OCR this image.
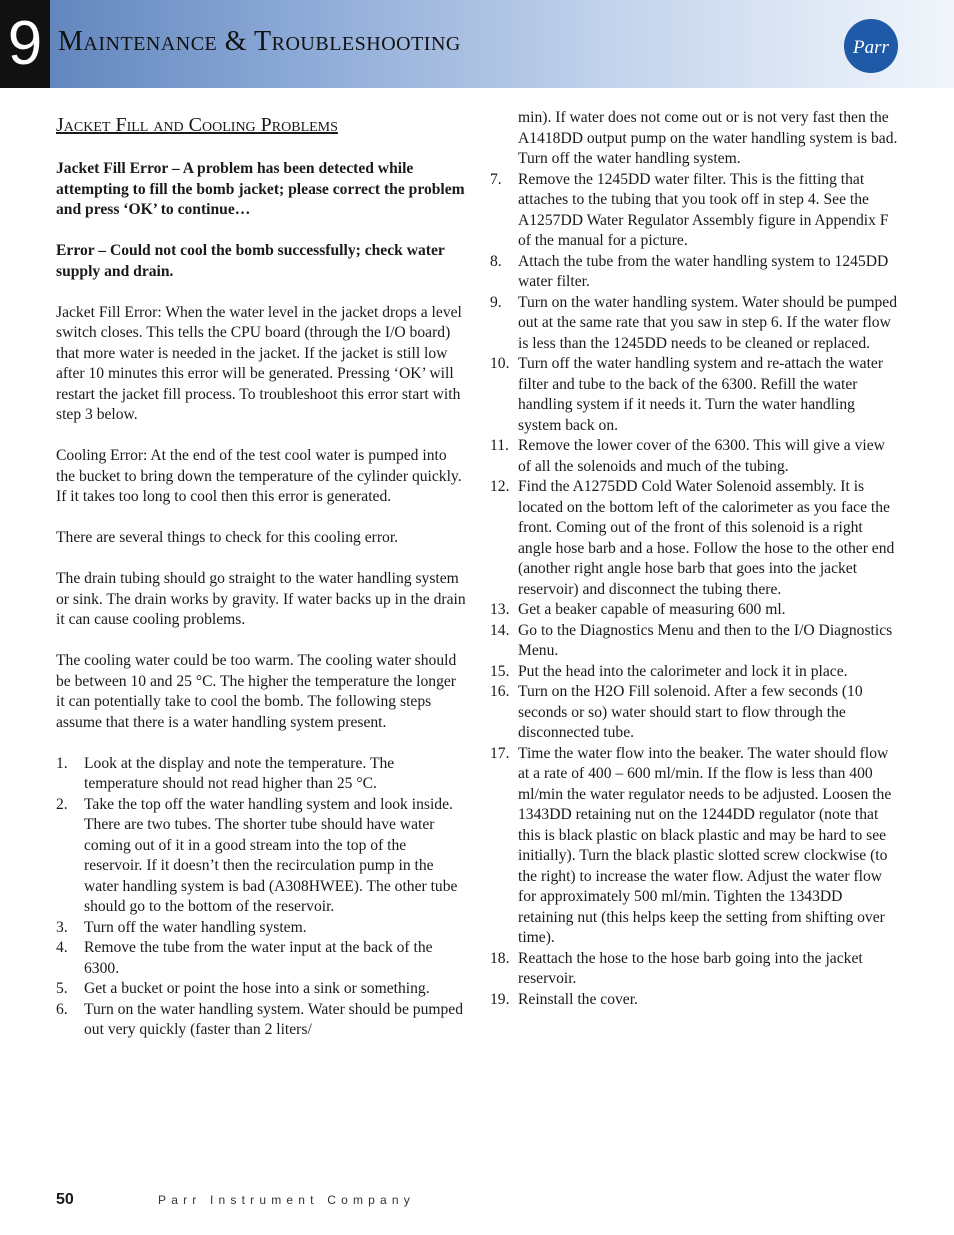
9 Maintenance & Troubleshooting	Parr
Jacket Fill and Cooling Problems

Jacket Fill Error – A problem has been detected while attempting to fill the bomb jacket; please correct the problem and press ‘OK’ to continue…

Error – Could not cool the bomb successfully; check water supply and drain.

Jacket Fill Error: When the water level in the jacket drops a level switch closes. This tells the CPU board (through the I/O board) that more water is needed in the jacket. If the jacket is still low after 10 minutes this error will be generated. Pressing ‘OK’ will restart the jacket fill process. To troubleshoot this error start with step 3 below.

Cooling Error: At the end of the test cool water is pumped into the bucket to bring down the temperature of the cylinder quickly. If it takes too long to cool then this error is generated.

There are several things to check for this cooling error.

The drain tubing should go straight to the water handling system or sink. The drain works by gravity. If water backs up in the drain it can cause cooling problems.

The cooling water could be too warm. The cooling water should be between 10 and 25 °C. The higher the temperature the longer it can potentially take to cool the bomb. The following steps assume that there is a water handling system present.

1. Look at the display and note the temperature. The temperature should not read higher than 25 °C.
2. Take the top off the water handling system and look inside. There are two tubes. The shorter tube should have water coming out of it in a good stream into the top of the reservoir. If it doesn’t then the recirculation pump in the water handling system is bad (A308HWEE). The other tube should go to the bottom of the reservoir.
3. Turn off the water handling system.
4. Remove the tube from the water input at the back of the 6300.
5. Get a bucket or point the hose into a sink or something.
6. Turn on the water handling system. Water should be pumped out very quickly (faster than 2 liters/
min). If water does not come out or is not very fast then the A1418DD output pump on the water handling system is bad. Turn off the water handling system.
7. Remove the 1245DD water filter. This is the fitting that attaches to the tubing that you took off in step 4. See the A1257DD Water Regulator Assembly figure in Appendix F of the manual for a picture.
8. Attach the tube from the water handling system to 1245DD water filter.
9. Turn on the water handling system. Water should be pumped out at the same rate that you saw in step 6. If the water flow is less than the 1245DD needs to be cleaned or replaced.
10. Turn off the water handling system and re-attach the water filter and tube to the back of the 6300. Refill the water handling system if it needs it. Turn the water handling system back on.
11. Remove the lower cover of the 6300. This will give a view of all the solenoids and much of the tubing.
12. Find the A1275DD Cold Water Solenoid assembly. It is located on the bottom left of the calorimeter as you face the front. Coming out of the front of this solenoid is a right angle hose barb and a hose. Follow the hose to the other end (another right angle hose barb that goes into the jacket reservoir) and disconnect the tubing there.
13. Get a beaker capable of measuring 600 ml.
14. Go to the Diagnostics Menu and then to the I/O Diagnostics Menu.
15. Put the head into the calorimeter and lock it in place.
16. Turn on the H2O Fill solenoid. After a few seconds (10 seconds or so) water should start to flow through the disconnected tube.
17. Time the water flow into the beaker. The water should flow at a rate of 400 – 600 ml/min. If the flow is less than 400 ml/min the water regulator needs to be adjusted. Loosen the 1343DD retaining nut on the 1244DD regulator (note that this is black plastic on black plastic and may be hard to see initially). Turn the black plastic slotted screw clockwise (to the right) to increase the water flow. Adjust the water flow for approximately 500 ml/min. Tighten the 1343DD retaining nut (this helps keep the setting from shifting over time).
18. Reattach the hose to the hose barb going into the jacket reservoir.
19. Reinstall the cover.
50	Parr Instrument Company
